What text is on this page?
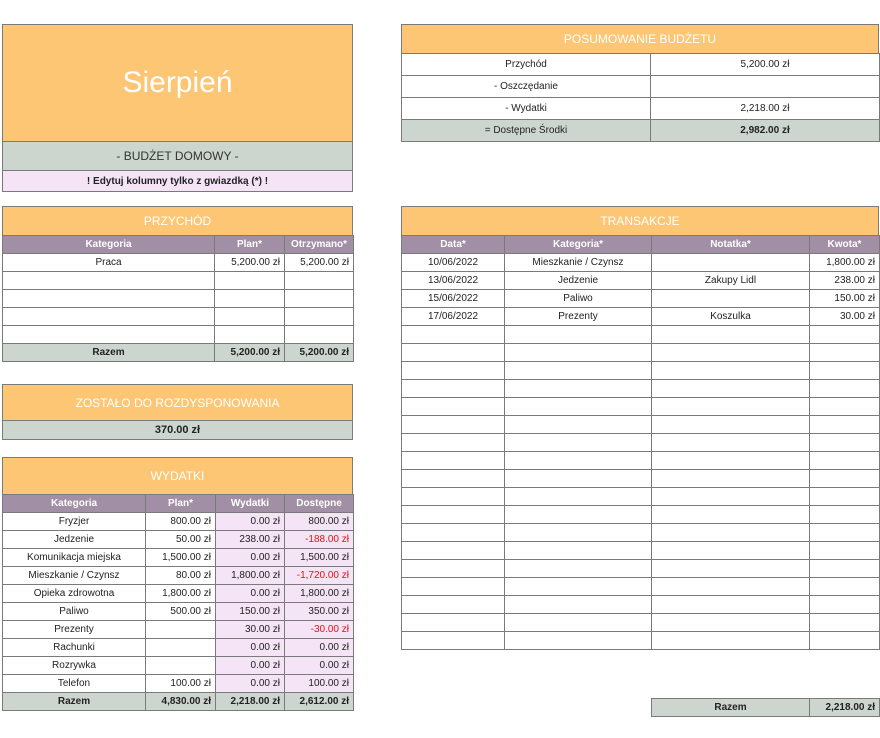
Sierpień
- BUDŻET DOMOWY -
! Edytuj kolumny tylko z gwiazdką (*) !
POSUMOWANIE BUDŻETU
Przychód	5,200.00 zł
- Oszczędanie	
- Wydatki	2,218.00 zł
= Dostępne Środki	2,982.00 zł
PRZYCHÓD
Kategoria	Plan*	Otrzymano*
Praca	5,200.00 zł	5,200.00 zł

Razem	5,200.00 zł	5,200.00 zł
ZOSTAŁO DO ROZDYSPONOWANIA
370.00 zł
WYDATKI
Kategoria	Plan*	Wydatki	Dostępne
Fryzjer	800.00 zł	0.00 zł	800.00 zł
Jedzenie	50.00 zł	238.00 zł	-188.00 zł
Komunikacja miejska	1,500.00 zł	0.00 zł	1,500.00 zł
Mieszkanie / Czynsz	80.00 zł	1,800.00 zł	-1,720.00 zł
Opieka zdrowotna	1,800.00 zł	0.00 zł	1,800.00 zł
Paliwo	500.00 zł	150.00 zł	350.00 zł
Prezenty		30.00 zł	-30.00 zł
Rachunki		0.00 zł	0.00 zł
Rozrywka		0.00 zł	0.00 zł
Telefon	100.00 zł	0.00 zł	100.00 zł
Razem	4,830.00 zł	2,218.00 zł	2,612.00 zł
TRANSAKCJE
Data*	Kategoria*	Notatka*	Kwota*
10/06/2022	Mieszkanie / Czynsz		1,800.00 zł
13/06/2022	Jedzenie	Zakupy Lidl	238.00 zł
15/06/2022	Paliwo		150.00 zł
17/06/2022	Prezenty	Koszulka	30.00 zł

Razem	2,218.00 zł
